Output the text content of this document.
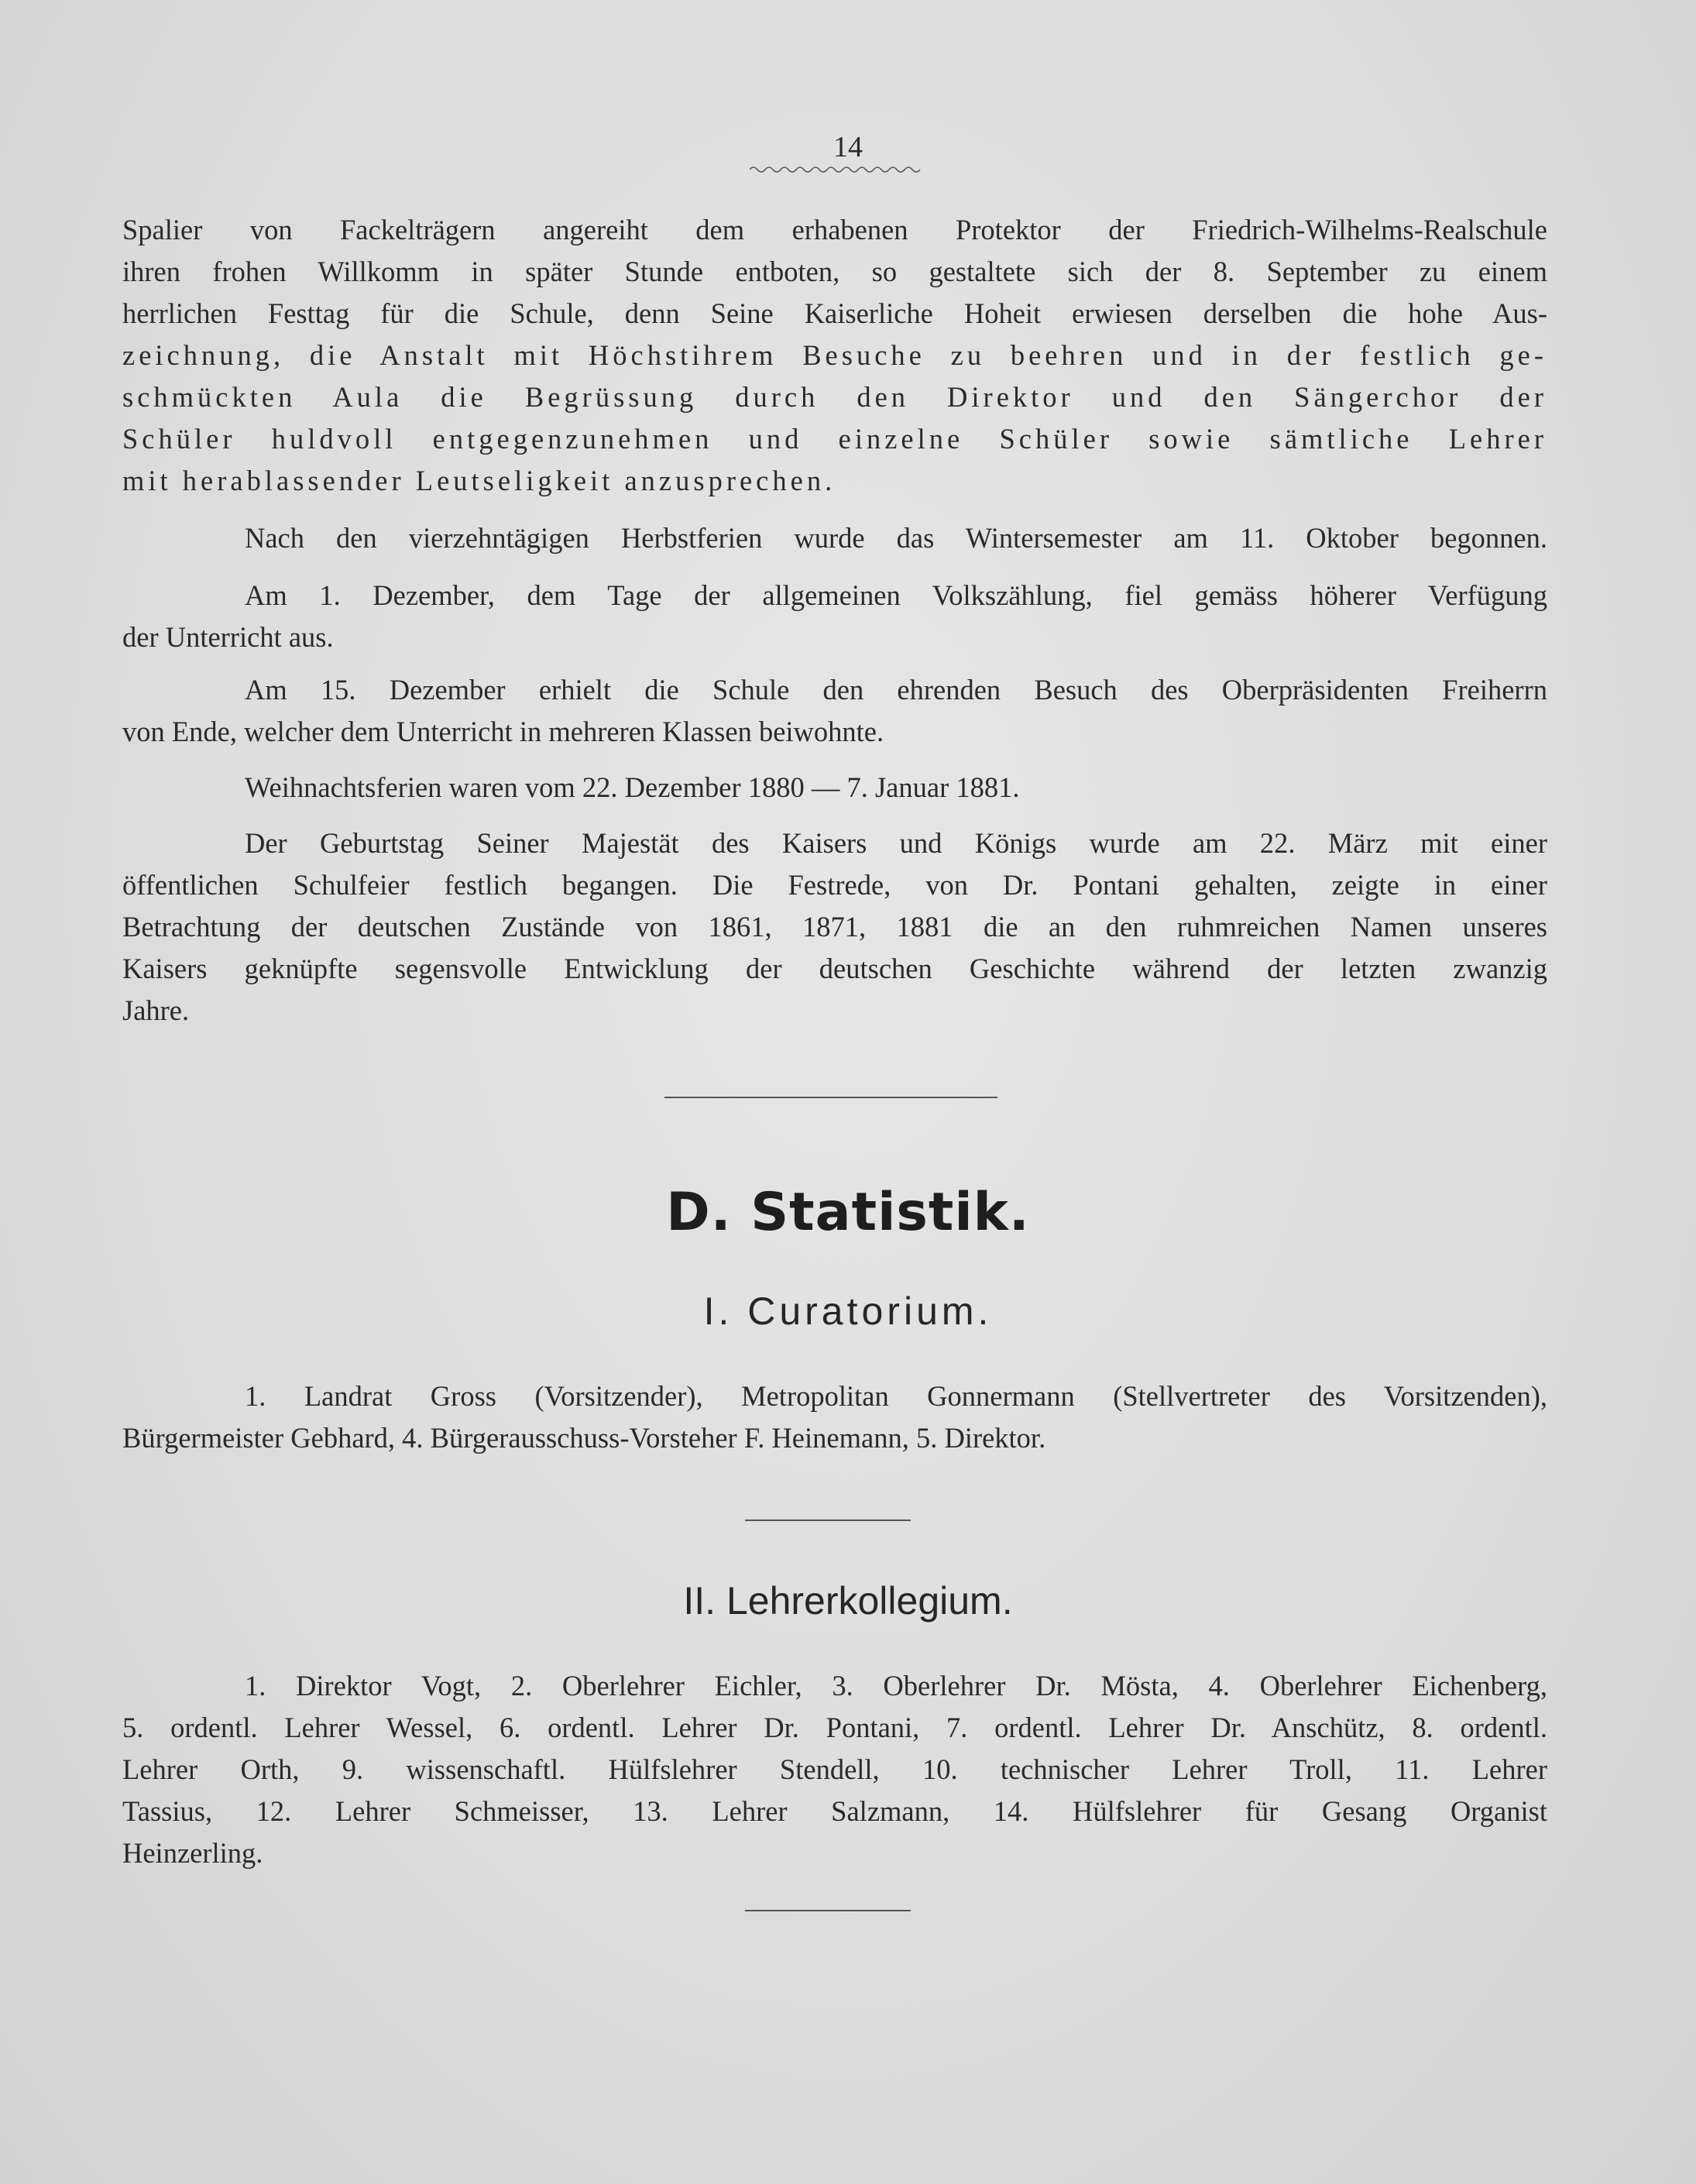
14
Spalier von Fackelträgern angereiht dem erhabenen Protektor der Friedrich-Wilhelms-Realschule
ihren frohen Willkomm in später Stunde entboten, so gestaltete sich der 8. September zu einem
herrlichen Festtag für die Schule, denn Seine Kaiserliche Hoheit erwiesen derselben die hohe Aus-
zeichnung, die Anstalt mit Höchstihrem Besuche zu beehren und in der festlich ge-
schmückten Aula die Begrüssung durch den Direktor und den Sängerchor der
Schüler huldvoll entgegenzunehmen und einzelne Schüler sowie sämtliche Lehrer
mit herablassender Leutseligkeit anzusprechen.
Nach den vierzehntägigen Herbstferien wurde das Wintersemester am 11. Oktober begonnen.
Am 1. Dezember, dem Tage der allgemeinen Volkszählung, fiel gemäss höherer Verfügung
der Unterricht aus.
Am 15. Dezember erhielt die Schule den ehrenden Besuch des Oberpräsidenten Freiherrn
von Ende, welcher dem Unterricht in mehreren Klassen beiwohnte.
Weihnachtsferien waren vom 22. Dezember 1880 — 7. Januar 1881.
Der Geburtstag Seiner Majestät des Kaisers und Königs wurde am 22. März mit einer
öffentlichen Schulfeier festlich begangen. Die Festrede, von Dr. Pontani gehalten, zeigte in einer
Betrachtung der deutschen Zustände von 1861, 1871, 1881 die an den ruhmreichen Namen unseres
Kaisers geknüpfte segensvolle Entwicklung der deutschen Geschichte während der letzten zwanzig
Jahre.
D. Statistik.
I. Curatorium.
1. Landrat Gross (Vorsitzender), Metropolitan Gonnermann (Stellvertreter des Vorsitzenden),
Bürgermeister Gebhard, 4. Bürgerausschuss-Vorsteher F. Heinemann, 5. Direktor.
II. Lehrerkollegium.
1. Direktor Vogt, 2. Oberlehrer Eichler, 3. Oberlehrer Dr. Mösta, 4. Oberlehrer Eichenberg,
5. ordentl. Lehrer Wessel, 6. ordentl. Lehrer Dr. Pontani, 7. ordentl. Lehrer Dr. Anschütz, 8. ordentl.
Lehrer Orth, 9. wissenschaftl. Hülfslehrer Stendell, 10. technischer Lehrer Troll, 11. Lehrer
Tassius, 12. Lehrer Schmeisser, 13. Lehrer Salzmann, 14. Hülfslehrer für Gesang Organist
Heinzerling.
